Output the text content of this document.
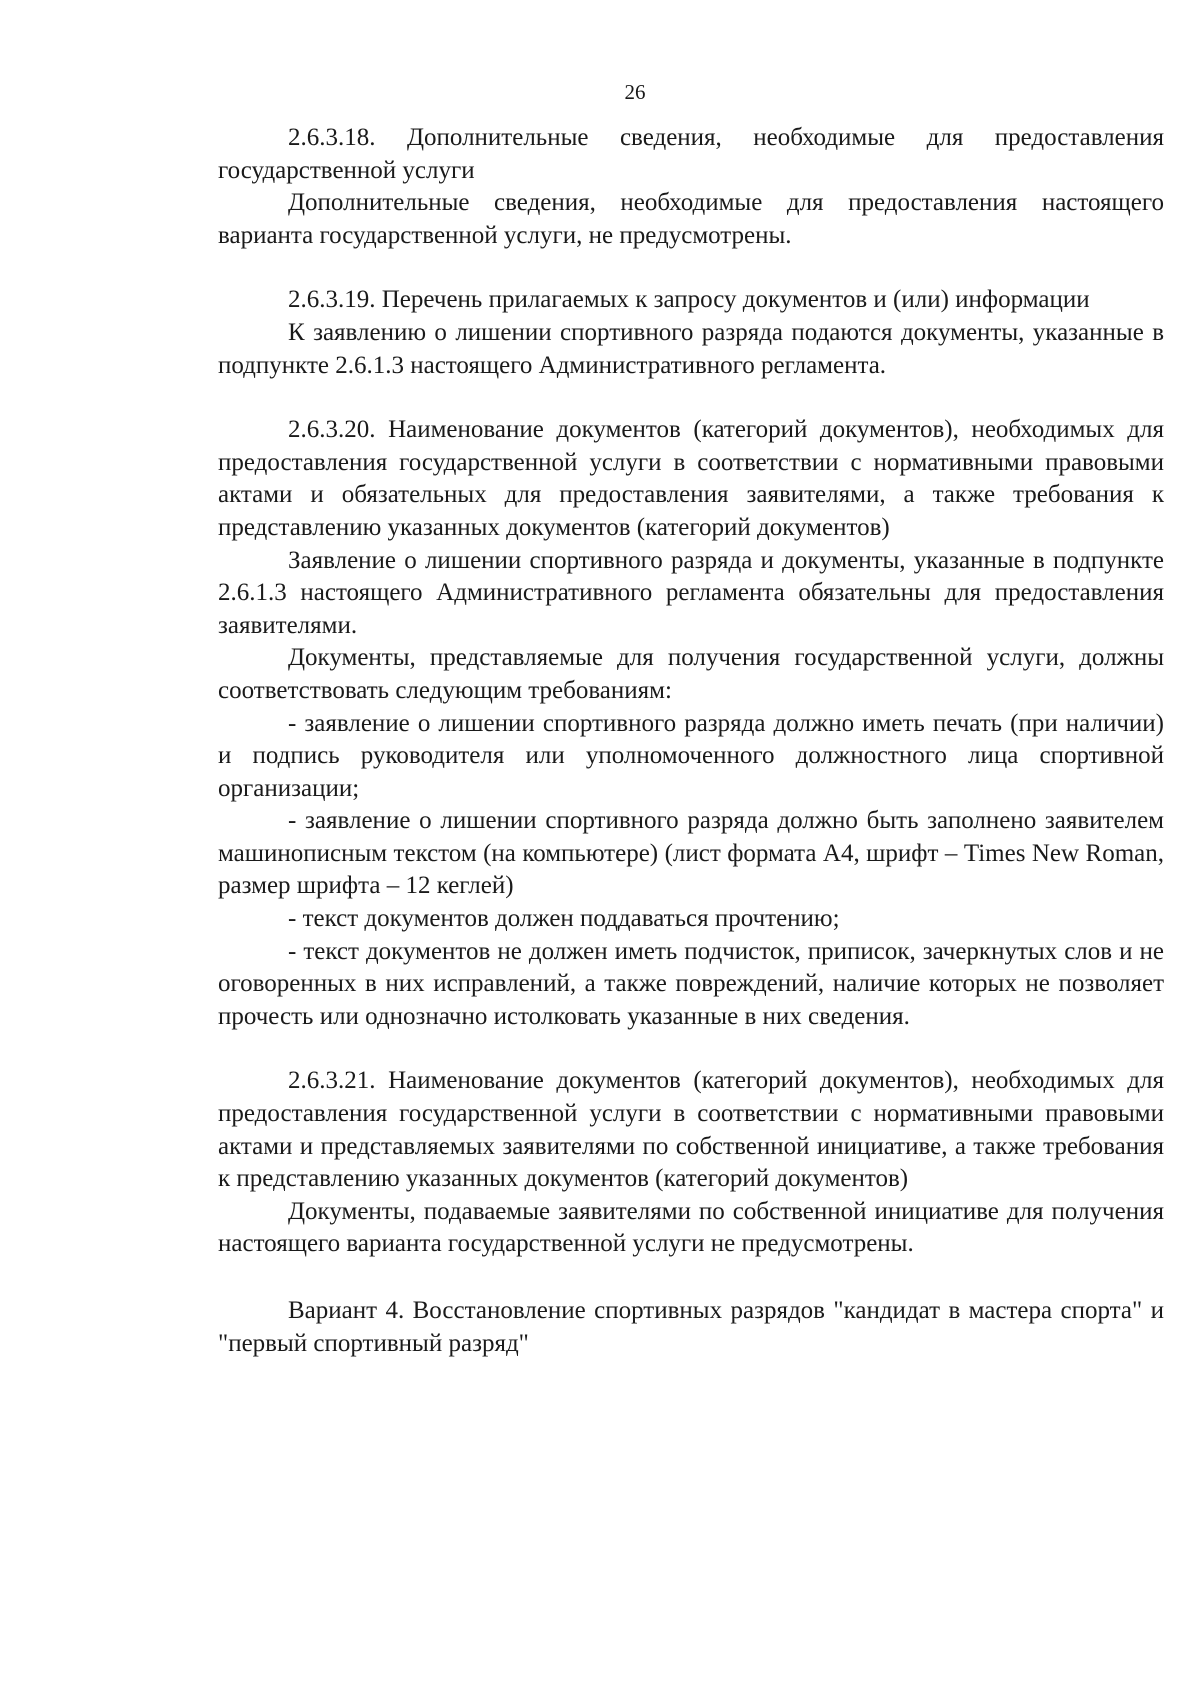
26

2.6.3.18. Дополнительные сведения, необходимые для предоставления государственной услуги

Дополнительные сведения, необходимые для предоставления настоящего варианта государственной услуги, не предусмотрены.

2.6.3.19. Перечень прилагаемых к запросу документов и (или) информации

К заявлению о лишении спортивного разряда подаются документы, указанные в подпункте 2.6.1.3 настоящего Административного регламента.

2.6.3.20. Наименование документов (категорий документов), необходимых для предоставления государственной услуги в соответствии с нормативными правовыми актами и обязательных для предоставления заявителями, а также требования к представлению указанных документов (категорий документов)

Заявление о лишении спортивного разряда и документы, указанные в подпункте 2.6.1.3 настоящего Административного регламента обязательны для предоставления заявителями.

Документы, представляемые для получения государственной услуги, должны соответствовать следующим требованиям:

- заявление о лишении спортивного разряда должно иметь печать (при наличии) и подпись руководителя или уполномоченного должностного лица спортивной организации;

- заявление о лишении спортивного разряда должно быть заполнено заявителем машинописным текстом (на компьютере) (лист формата А4, шрифт – Times New Roman, размер шрифта – 12 кеглей)

- текст документов должен поддаваться прочтению;

- текст документов не должен иметь подчисток, приписок, зачеркнутых слов и не оговоренных в них исправлений, а также повреждений, наличие которых не позволяет прочесть или однозначно истолковать указанные в них сведения.

2.6.3.21. Наименование документов (категорий документов), необходимых для предоставления государственной услуги в соответствии с нормативными правовыми актами и представляемых заявителями по собственной инициативе, а также требования к представлению указанных документов (категорий документов)

Документы, подаваемые заявителями по собственной инициативе для получения настоящего варианта государственной услуги не предусмотрены.

Вариант 4. Восстановление спортивных разрядов "кандидат в мастера спорта" и "первый спортивный разряд"
